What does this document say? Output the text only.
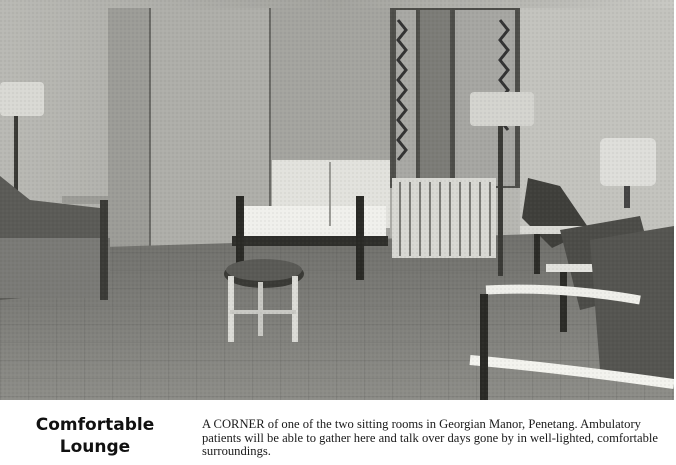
Comfortable
Lounge
A CORNER of one of the two sitting rooms in Georgian Manor, Penetang. Ambulatory patients will be able to gather here and talk over days gone by in well-lighted, comfortable surroundings.
